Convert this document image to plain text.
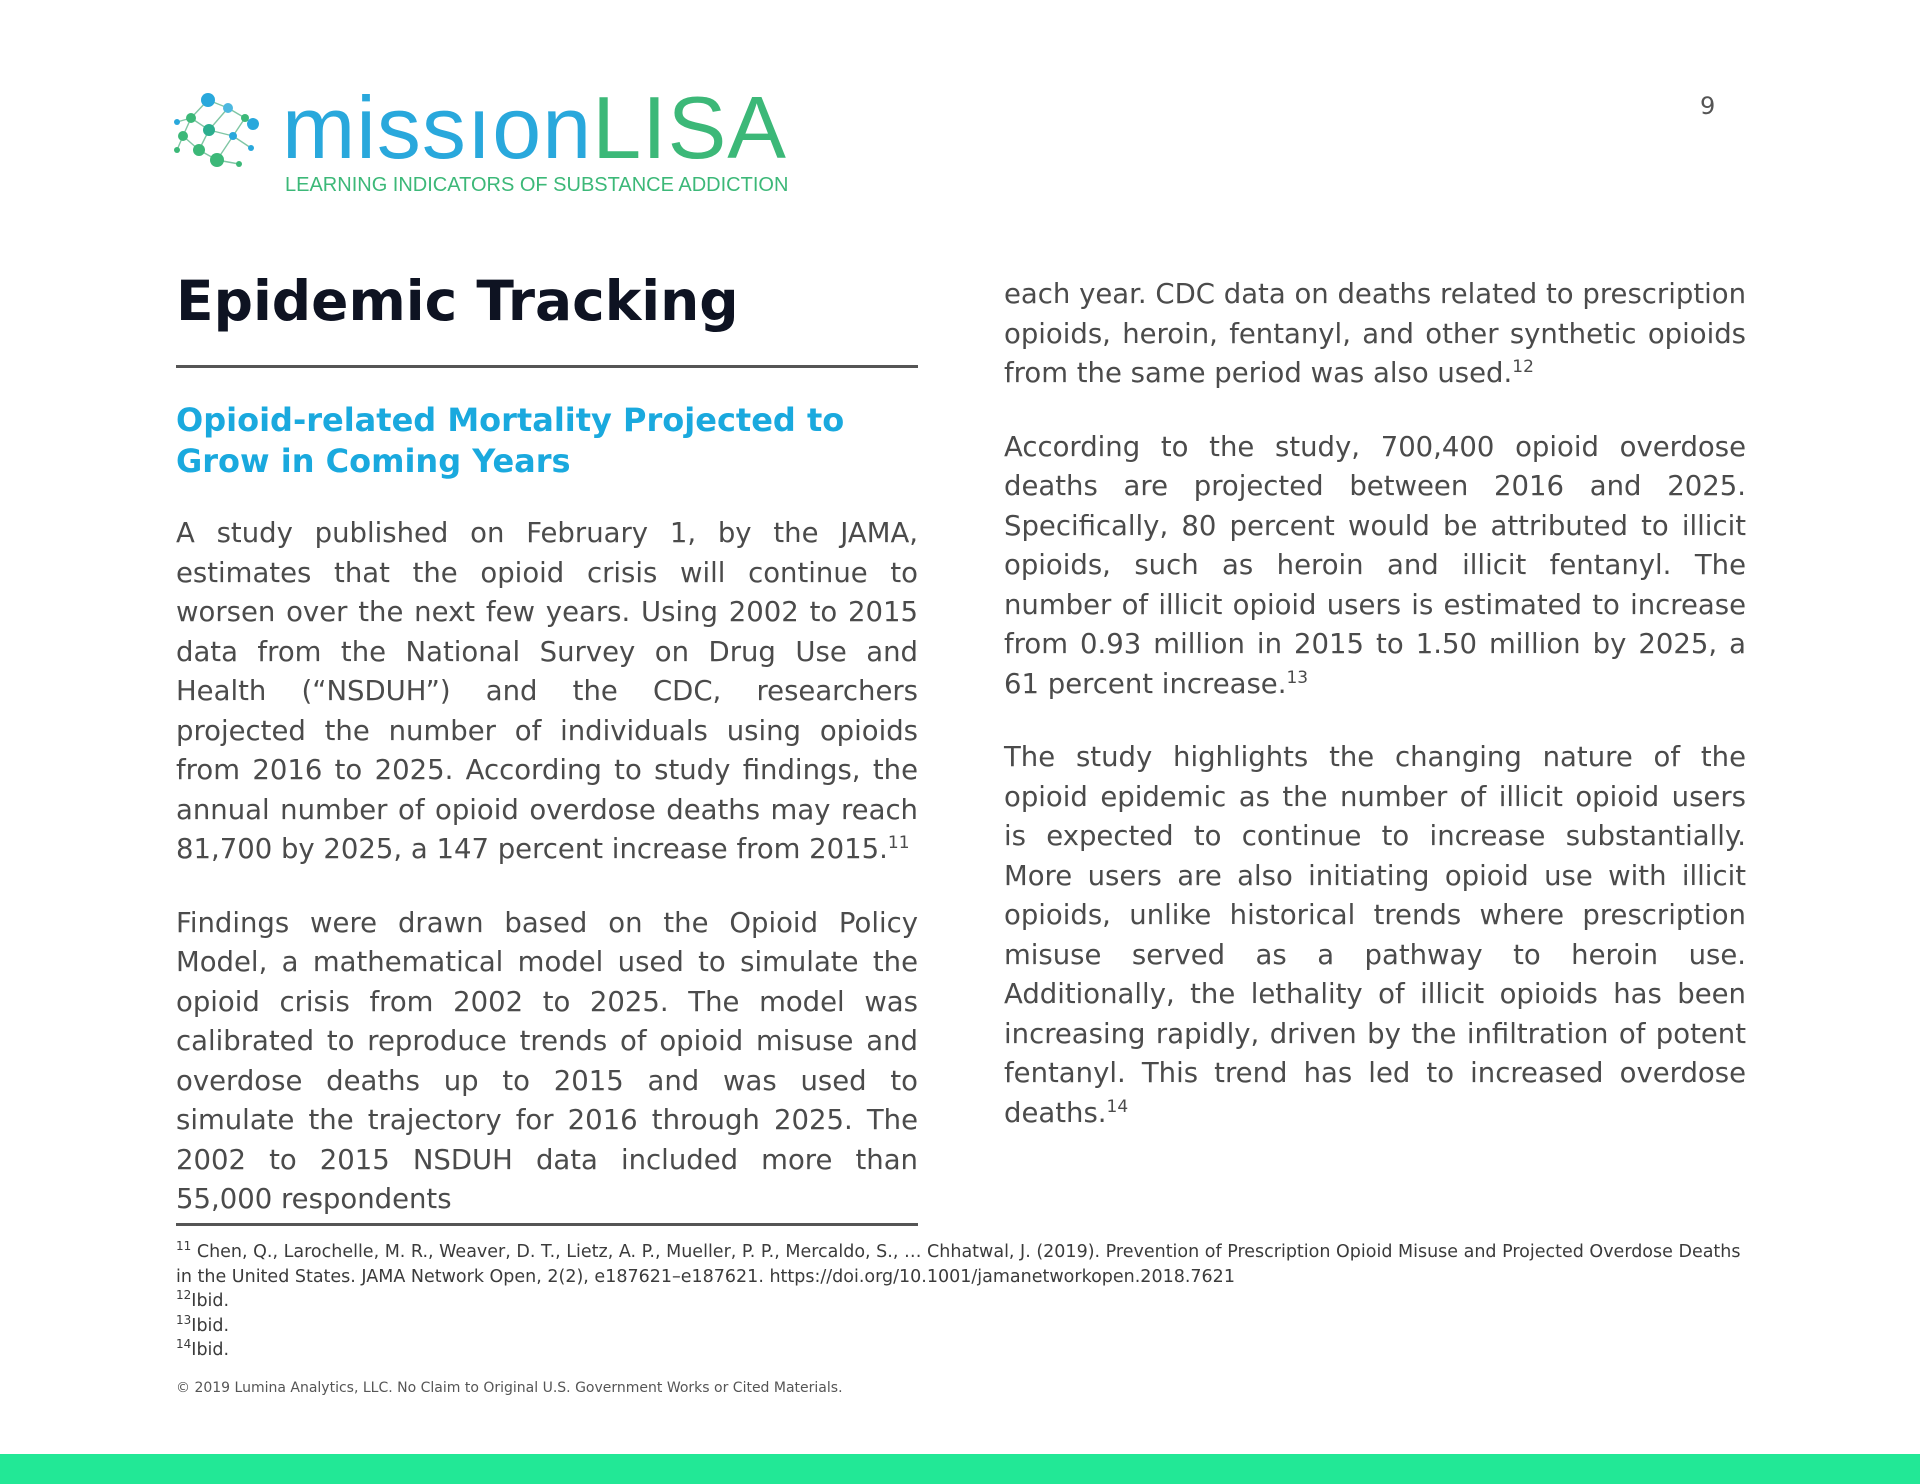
missıonLISA
LEARNING INDICATORS OF SUBSTANCE ADDICTION
9
Epidemic Tracking
Opioid-related Mortality Projected to Grow in Coming Years

A study published on February 1, by the JAMA, estimates that the opioid crisis will continue to worsen over the next few years. Using 2002 to 2015 data from the National Survey on Drug Use and Health (“NSDUH”) and the CDC, researchers projected the number of individuals using opioids from 2016 to 2025. According to study findings, the annual number of opioid overdose deaths may reach 81,700 by 2025, a 147 percent increase from 2015.11

Findings were drawn based on the Opioid Policy Model, a mathematical model used to simulate the opioid crisis from 2002 to 2025. The model was calibrated to reproduce trends of opioid misuse and overdose deaths up to 2015 and was used to simulate the trajectory for 2016 through 2025. The 2002 to 2015 NSDUH data included more than 55,000 respondents

each year. CDC data on deaths related to prescription opioids, heroin, fentanyl, and other synthetic opioids from the same period was also used.$^{12}$

According to the study, 700,400 opioid overdose deaths are projected between 2016 and 2025. Specifically, 80 percent would be attributed to illicit opioids, such as heroin and illicit fentanyl. The number of illicit opioid users is estimated to increase from 0.93 million in 2015 to 1.50 million by 2025, a 61 percent increase.$^{13}$

The study highlights the changing nature of the opioid epidemic as the number of illicit opioid users is expected to continue to increase substantially. More users are also initiating opioid use with illicit opioids, unlike historical trends where prescription misuse served as a pathway to heroin use. Additionally, the lethality of illicit opioids has been increasing rapidly, driven by the infiltration of potent fentanyl. This trend has led to increased overdose deaths.$^{14}$

$^{11}$ Chen, Q., Larochelle, M. R., Weaver, D. T., Lietz, A. P., Mueller, P. P., Mercaldo, S., … Chhatwal, J. (2019). Prevention of Prescription Opioid Misuse and Projected Overdose Deaths in the United States. JAMA Network Open, 2(2), e187621–e187621. https://doi.org/10.1001/jamanetworkopen.2018.7621
$^{12}$Ibid.
$^{13}$Ibid.
$^{14}$Ibid.
© 2019 Lumina Analytics, LLC. No Claim to Original U.S. Government Works or Cited Materials.
